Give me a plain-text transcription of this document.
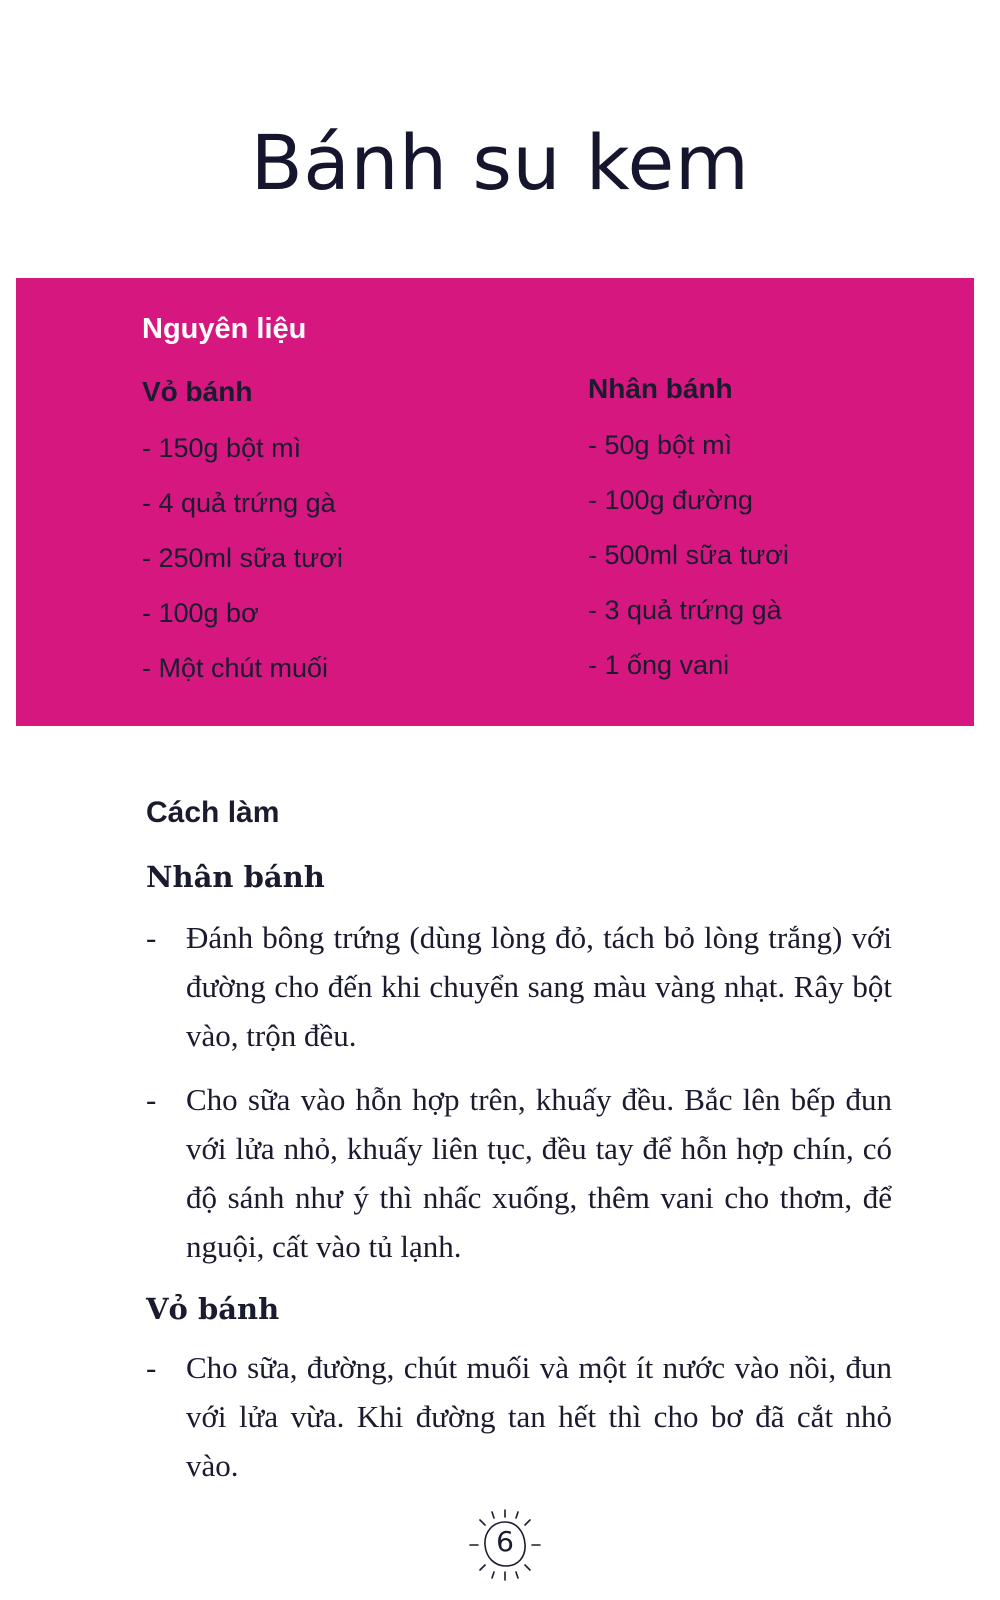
Bánh su kem
Nguyên liệu
Vỏ bánh
- 150g bột mì
- 4 quả trứng gà
- 250ml sữa tươi
- 100g bơ
- Một chút muối
Nhân bánh
- 50g bột mì
- 100g đường
- 500ml sữa tươi
- 3 quả trứng gà
- 1 ống vani
Cách làm
Nhân bánh
- Đánh bông trứng (dùng lòng đỏ, tách bỏ lòng trắng) với đường cho đến khi chuyển sang màu vàng nhạt. Rây bột vào, trộn đều.
- Cho sữa vào hỗn hợp trên, khuấy đều. Bắc lên bếp đun với lửa nhỏ, khuấy liên tục, đều tay để hỗn hợp chín, có độ sánh như ý thì nhấc xuống, thêm vani cho thơm, để nguội, cất vào tủ lạnh.
Vỏ bánh
- Cho sữa, đường, chút muối và một ít nước vào nồi, đun với lửa vừa. Khi đường tan hết thì cho bơ đã cắt nhỏ vào.
6
